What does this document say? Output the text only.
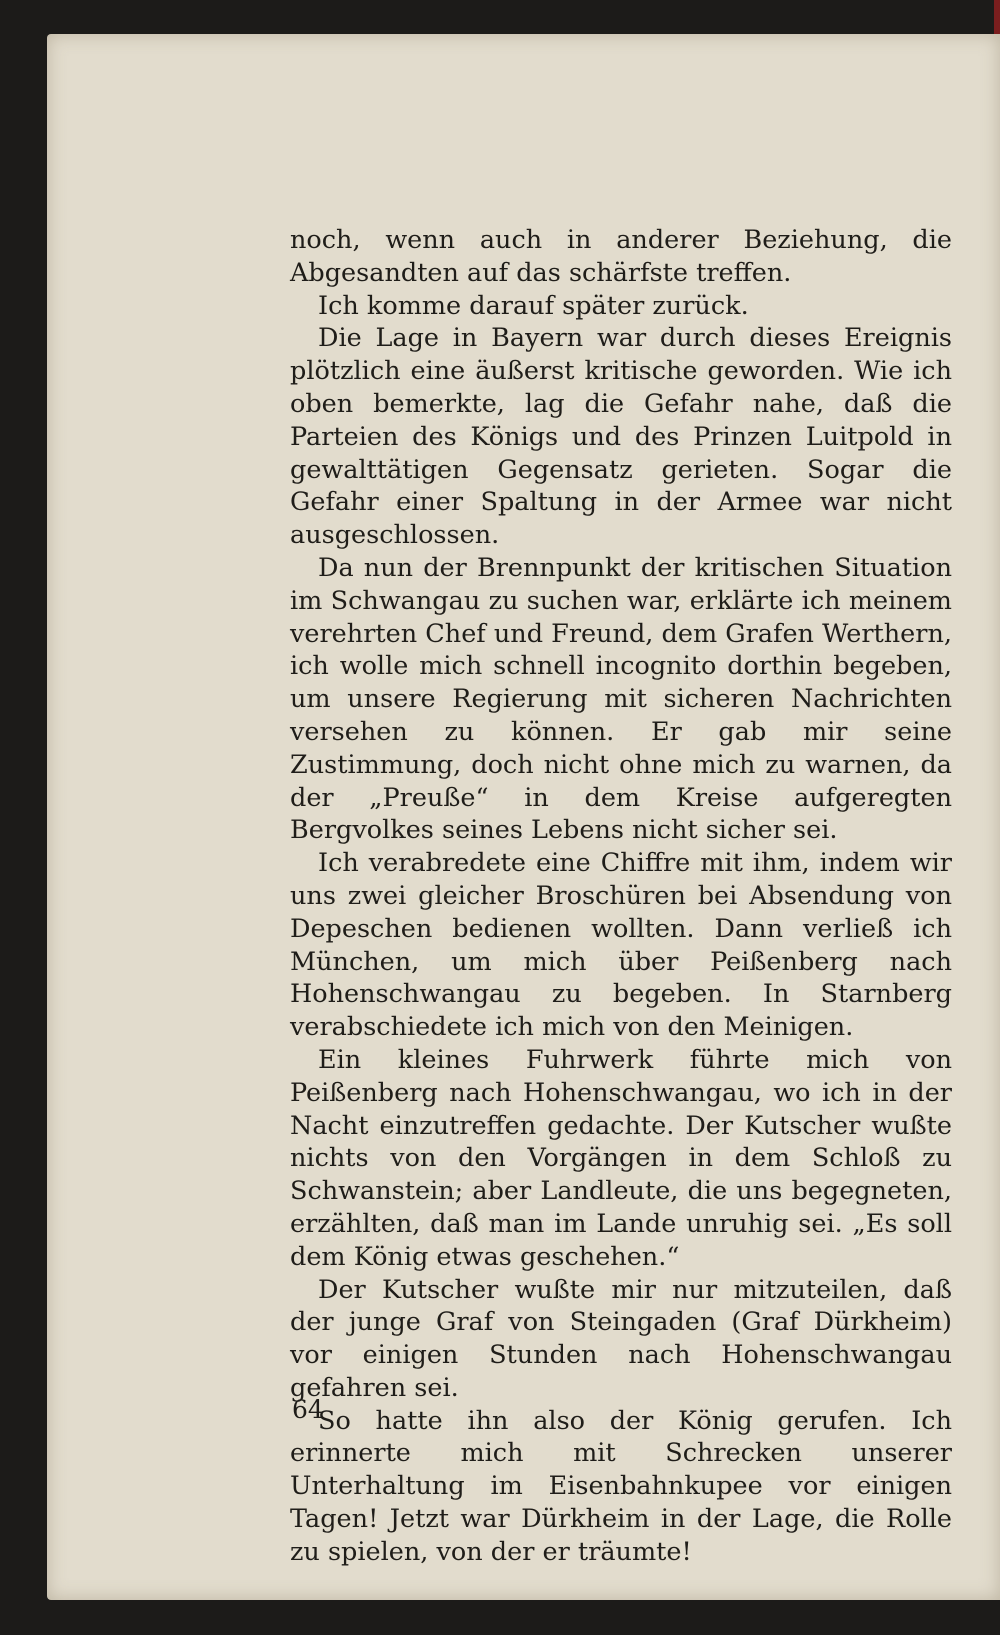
noch, wenn auch in anderer Beziehung, die Abgesandten auf das schärfste treffen.

Ich komme darauf später zurück.

Die Lage in Bayern war durch dieses Ereignis plötzlich eine äußerst kritische geworden. Wie ich oben bemerkte, lag die Gefahr nahe, daß die Parteien des Königs und des Prinzen Luitpold in gewalttätigen Gegensatz gerieten. Sogar die Gefahr einer Spaltung in der Armee war nicht ausgeschlossen.

Da nun der Brennpunkt der kritischen Situation im Schwangau zu suchen war, erklärte ich meinem verehrten Chef und Freund, dem Grafen Werthern, ich wolle mich schnell incognito dorthin begeben, um unsere Regierung mit sicheren Nachrichten versehen zu können. Er gab mir seine Zustimmung, doch nicht ohne mich zu warnen, da der „Preuße“ in dem Kreise aufgeregten Bergvolkes seines Lebens nicht sicher sei.

Ich verabredete eine Chiffre mit ihm, indem wir uns zwei gleicher Broschüren bei Absendung von Depeschen bedienen wollten. Dann verließ ich München, um mich über Peißenberg nach Hohenschwangau zu begeben. In Starnberg verabschiedete ich mich von den Meinigen.

Ein kleines Fuhrwerk führte mich von Peißenberg nach Hohenschwangau, wo ich in der Nacht einzutreffen gedachte. Der Kutscher wußte nichts von den Vorgängen in dem Schloß zu Schwanstein; aber Landleute, die uns begegneten, erzählten, daß man im Lande unruhig sei. „Es soll dem König etwas geschehen.“

Der Kutscher wußte mir nur mitzuteilen, daß der junge Graf von Steingaden (Graf Dürkheim) vor einigen Stunden nach Hohenschwangau gefahren sei.

So hatte ihn also der König gerufen. Ich erinnerte mich mit Schrecken unserer Unterhaltung im Eisenbahnkupee vor einigen Tagen! Jetzt war Dürkheim in der Lage, die Rolle zu spielen, von der er träumte!

64
